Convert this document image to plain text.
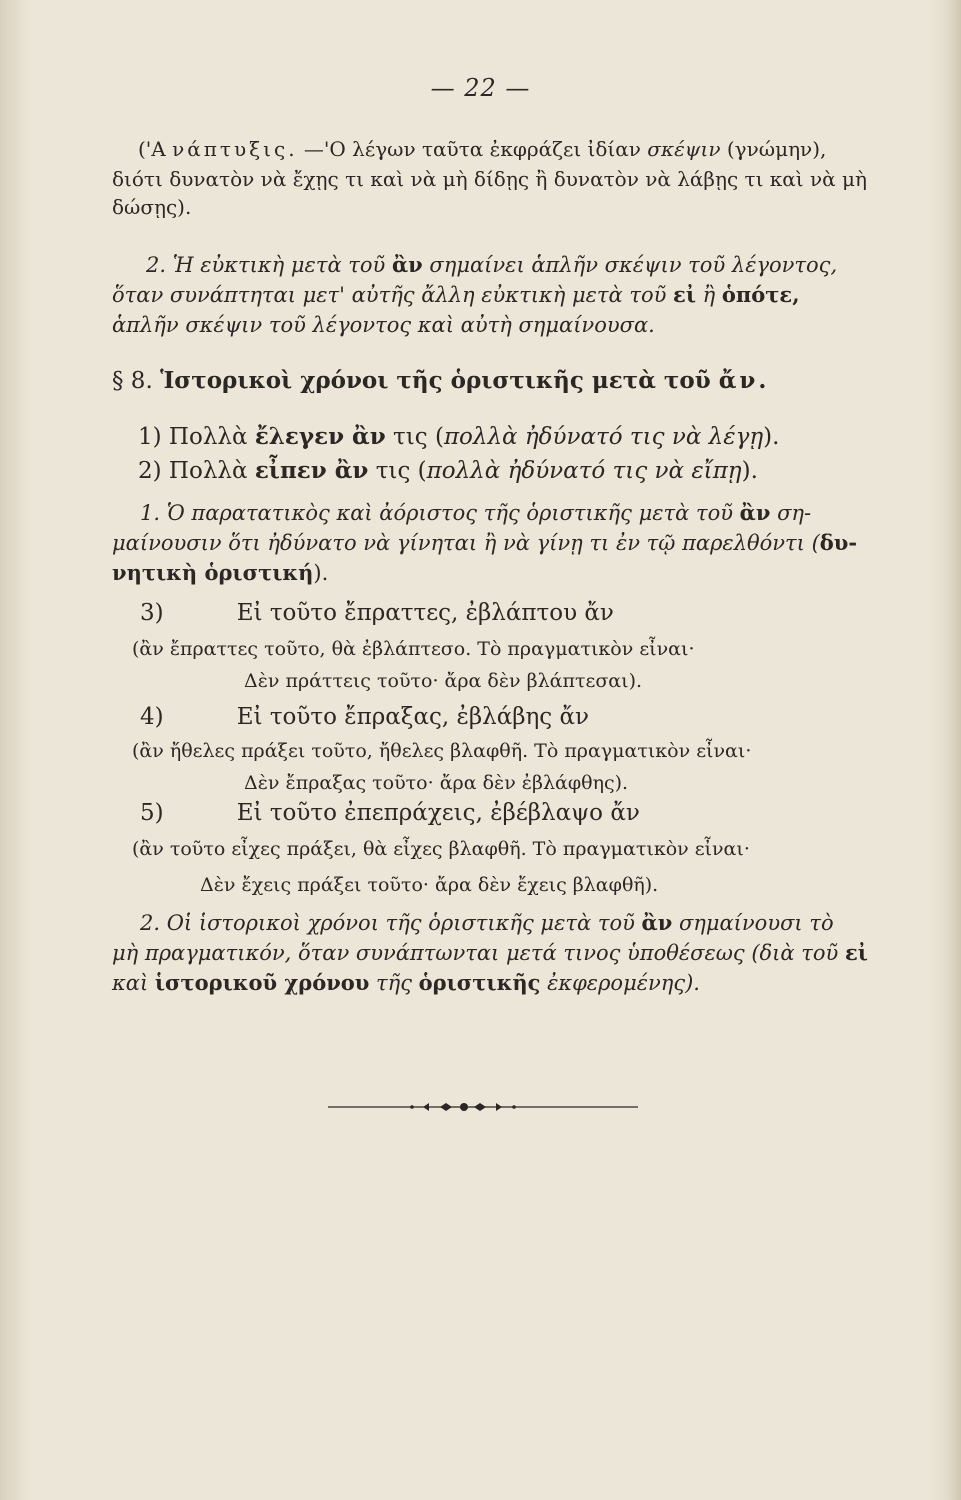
— 22 —
('Α νάπτυξις. —'Ο λέγων ταῦτα ἐκφράζει ἰδίαν σκέψιν (γνώμην),
διότι δυνατὸν νὰ ἔχῃς τι καὶ νὰ μὴ δίδῃς ἢ δυνατὸν νὰ λάβῃς τι καὶ νὰ μὴ
δώσῃς).
2. Ἡ εὐκτικὴ μετὰ τοῦ ἂν σημαίνει ἁπλῆν σκέψιν τοῦ λέγοντος,
ὅταν συνάπτηται μετ' αὐτῆς ἄλλη εὐκτικὴ μετὰ τοῦ εἰ ἢ ὁπότε,
ἁπλῆν σκέψιν τοῦ λέγοντος καὶ αὐτὴ σημαίνουσα.
§ 8. Ἱστορικοὶ χρόνοι τῆς ὁριστικῆς μετὰ τοῦ ἄν.
1) Πολλὰ ἔλεγεν ἂν τις (πολλὰ ἠδύνατό τις νὰ λέγῃ).
2) Πολλὰ εἶπεν ἂν τις (πολλὰ ἠδύνατό τις νὰ εἴπῃ).
1. Ὁ παρατατικὸς καὶ ἀόριστος τῆς ὁριστικῆς μετὰ τοῦ ἂν ση-
μαίνουσιν ὅτι ἠδύνατο νὰ γίνηται ἢ νὰ γίνῃ τι ἐν τῷ παρελθόντι (δυ-
νητικὴ ὁριστική).
3)          Εἰ τοῦτο ἔπραττες, ἐβλάπτου ἄν
(ἂν ἔπραττες τοῦτο, θὰ ἐβλάπτεσο. Τὸ πραγματικὸν εἶναι·
Δὲν πράττεις τοῦτο· ἄρα δὲν βλάπτεσαι).
4)          Εἰ τοῦτο ἔπραξας, ἐβλάβης ἄν
(ἂν ἤθελες πράξει τοῦτο, ἤθελες βλαφθῆ. Τὸ πραγματικὸν εἶναι·
Δὲν ἔπραξας τοῦτο· ἄρα δὲν ἐβλάφθης).
5)          Εἰ τοῦτο ἐπεπράχεις, ἐβέβλαψο ἄν
(ἂν τοῦτο εἶχες πράξει, θὰ εἶχες βλαφθῆ. Τὸ πραγματικὸν εἶναι·
Δὲν ἔχεις πράξει τοῦτο· ἄρα δὲν ἔχεις βλαφθῆ).
2. Οἱ ἱστορικοὶ χρόνοι τῆς ὁριστικῆς μετὰ τοῦ ἂν σημαίνουσι τὸ
μὴ πραγματικόν, ὅταν συνάπτωνται μετά τινος ὑποθέσεως (διὰ τοῦ εἰ
καὶ ἱστορικοῦ χρόνου τῆς ὁριστικῆς ἐκφερομένης).
